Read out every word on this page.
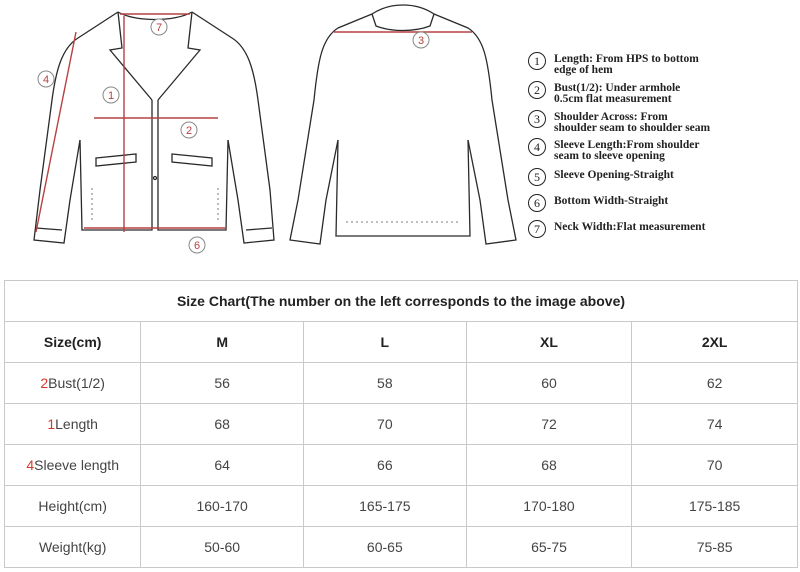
7
3
4
1
2
6
1	Length: From HPS to bottom
edge of hem
2	Bust(1/2): Under armhole
0.5cm flat measurement
3	Shoulder Across: From
shoulder seam to shoulder seam
4	Sleeve Length:From shoulder
seam to sleeve opening
5	Sleeve Opening-Straight
6	Bottom Width-Straight
7	Neck Width:Flat measurement
Size Chart(The number on the left corresponds to the image above)				
Size(cm)	M	L	XL	2XL
2Bust(1/2)	56	58	60	62
1Length	68	70	72	74
4Sleeve length	64	66	68	70
Height(cm)	160-170	165-175	170-180	175-185
Weight(kg)	50-60	60-65	65-75	75-85
